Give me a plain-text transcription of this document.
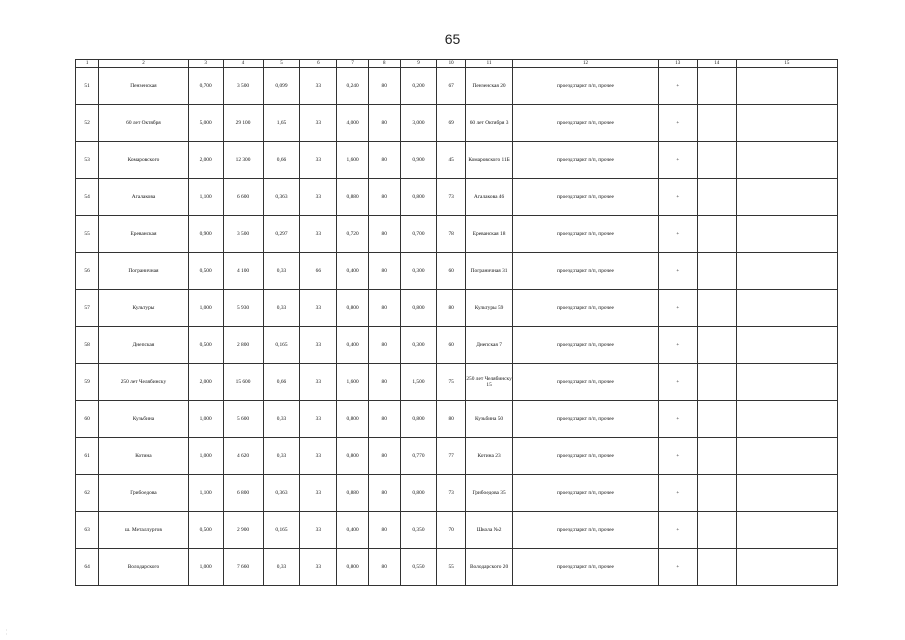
65
1	2	3	4	5	6	7	8	9	10	11	12	13	14	15
51	Пензенская	0,700	3 500	0,099	33	0,240	80	0,200	67	Пензенская 20	проезд:паркт п/п, прочее	+		
52	60 лет Октября	5,000	29 100	1,65	33	4,000	80	3,000	69	60 лет Октября 3	проезд:паркт п/п, прочее	+		
53	Комаровского	2,000	12 300	0,66	33	1,600	80	0,900	45	Комаровского 11Б	проезд:паркт п/п, прочее	+		
54	Агалакова	1,100	6 600	0,363	33	0,880	80	0,800	73	Агалакова 46	проезд:паркт п/п, прочее	+		
55	Ереванская	0,900	3 500	0,297	33	0,720	80	0,700	78	Ереванская 18	проезд:паркт п/п, прочее	+		
56	Пограничная	0,500	4 100	0,33	66	0,400	80	0,300	60	Пограничная 31	проезд:паркт п/п, прочее	+		
57	Культуры	1,000	5 930	0,33	33	0,800	80	0,800	80	Культуры 59	проезд:паркт п/п, прочее	+		
58	Днепская	0,500	2 800	0,165	33	0,400	80	0,300	60	Днепская 7	проезд:паркт п/п, прочее	+		
59	250 лет Челябинску	2,000	15 600	0,66	33	1,600	80	1,500	75	250 лет Челябинску 15	проезд:паркт п/п, прочее	+		
60	Кузьбина	1,000	5 600	0,33	33	0,800	80	0,800	80	Кузьбина 50	проезд:паркт п/п, прочее	+		
61	Котина	1,000	4 620	0,33	33	0,800	80	0,770	77	Котина 23	проезд:паркт п/п, прочее	+		
62	Грибоедова	1,100	6 800	0,363	33	0,880	80	0,800	73	Грибоедова 35	проезд:паркт п/п, прочее	+		
63	ш. Металлургов	0,500	2 900	0,165	33	0,400	80	0,350	70	Школа №2	проезд:паркт п/п, прочее	+		
64	Володарского	1,000	7 660	0,33	33	0,800	80	0,550	55	Володарского 20	проезд:паркт п/п, прочее	+		
:
:
